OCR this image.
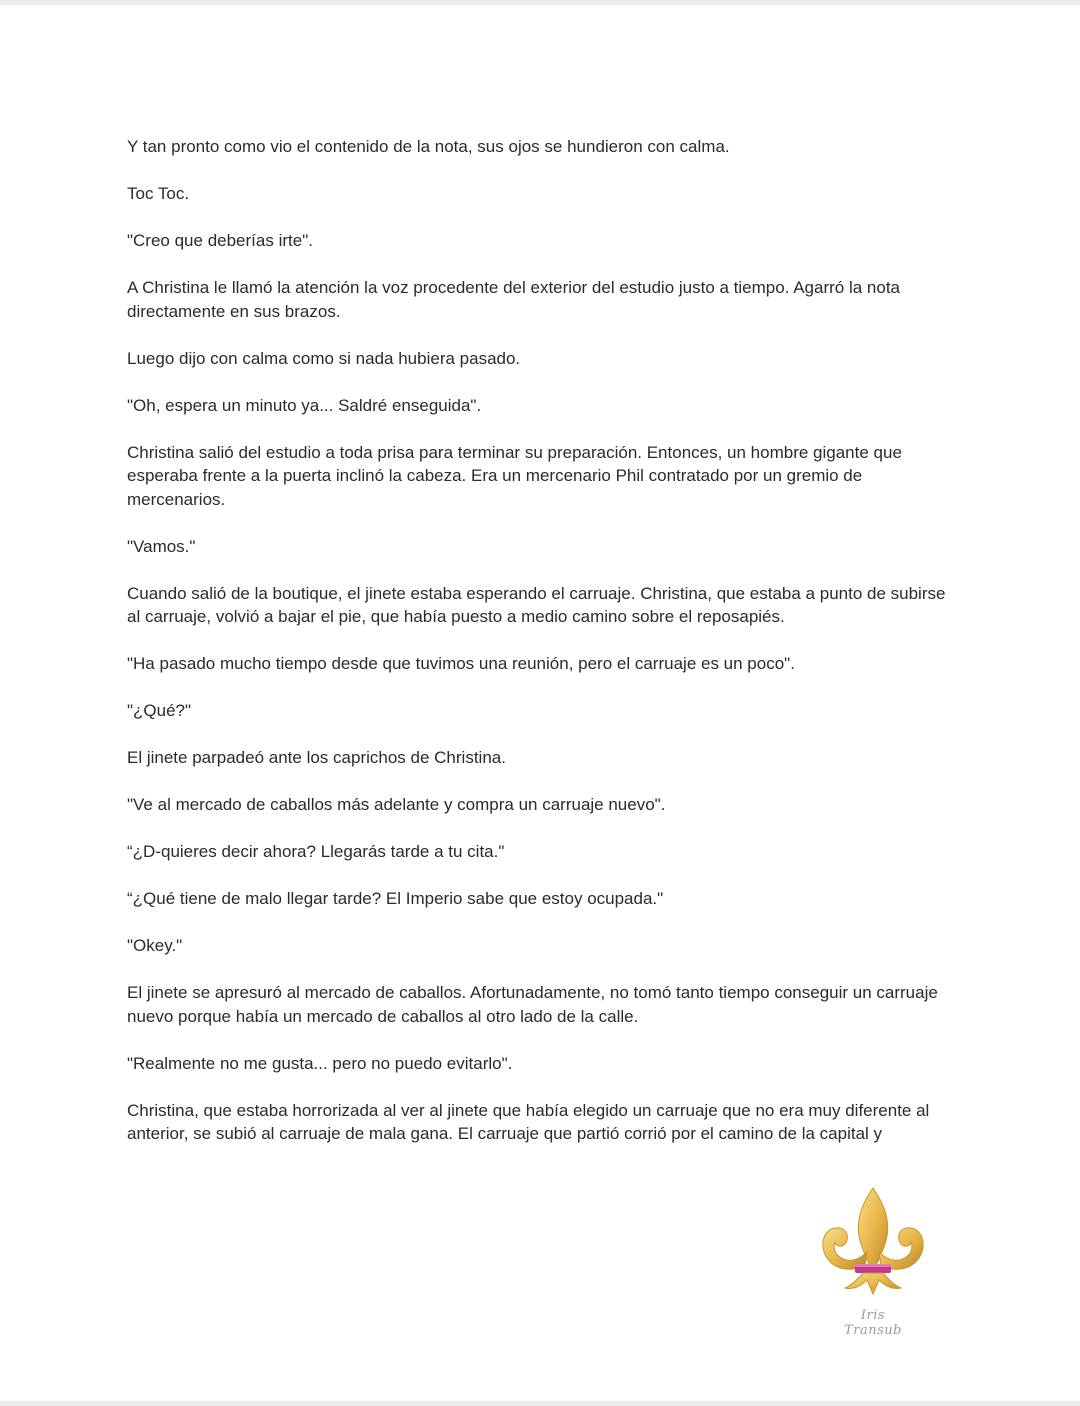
Y tan pronto como vio el contenido de la nota, sus ojos se hundieron con calma.

Toc Toc.

"Creo que deberías irte".

A Christina le llamó la atención la voz procedente del exterior del estudio justo a tiempo. Agarró la nota directamente en sus brazos.

Luego dijo con calma como si nada hubiera pasado.

"Oh, espera un minuto ya... Saldré enseguida".

Christina salió del estudio a toda prisa para terminar su preparación. Entonces, un hombre gigante que esperaba frente a la puerta inclinó la cabeza. Era un mercenario Phil contratado por un gremio de mercenarios.

"Vamos."

Cuando salió de la boutique, el jinete estaba esperando el carruaje. Christina, que estaba a punto de subirse al carruaje, volvió a bajar el pie, que había puesto a medio camino sobre el reposapiés.

"Ha pasado mucho tiempo desde que tuvimos una reunión, pero el carruaje es un poco".

"¿Qué?"

El jinete parpadeó ante los caprichos de Christina.

"Ve al mercado de caballos más adelante y compra un carruaje nuevo".

“¿D-quieres decir ahora? Llegarás tarde a tu cita."

“¿Qué tiene de malo llegar tarde? El Imperio sabe que estoy ocupada."

"Okey."

El jinete se apresuró al mercado de caballos. Afortunadamente, no tomó tanto tiempo conseguir un carruaje nuevo porque había un mercado de caballos al otro lado de la calle.

"Realmente no me gusta... pero no puedo evitarlo".

Christina, que estaba horrorizada al ver al jinete que había elegido un carruaje que no era muy diferente al anterior, se subió al carruaje de mala gana. El carruaje que partió corrió por el camino de la capital y

Iris Transub
